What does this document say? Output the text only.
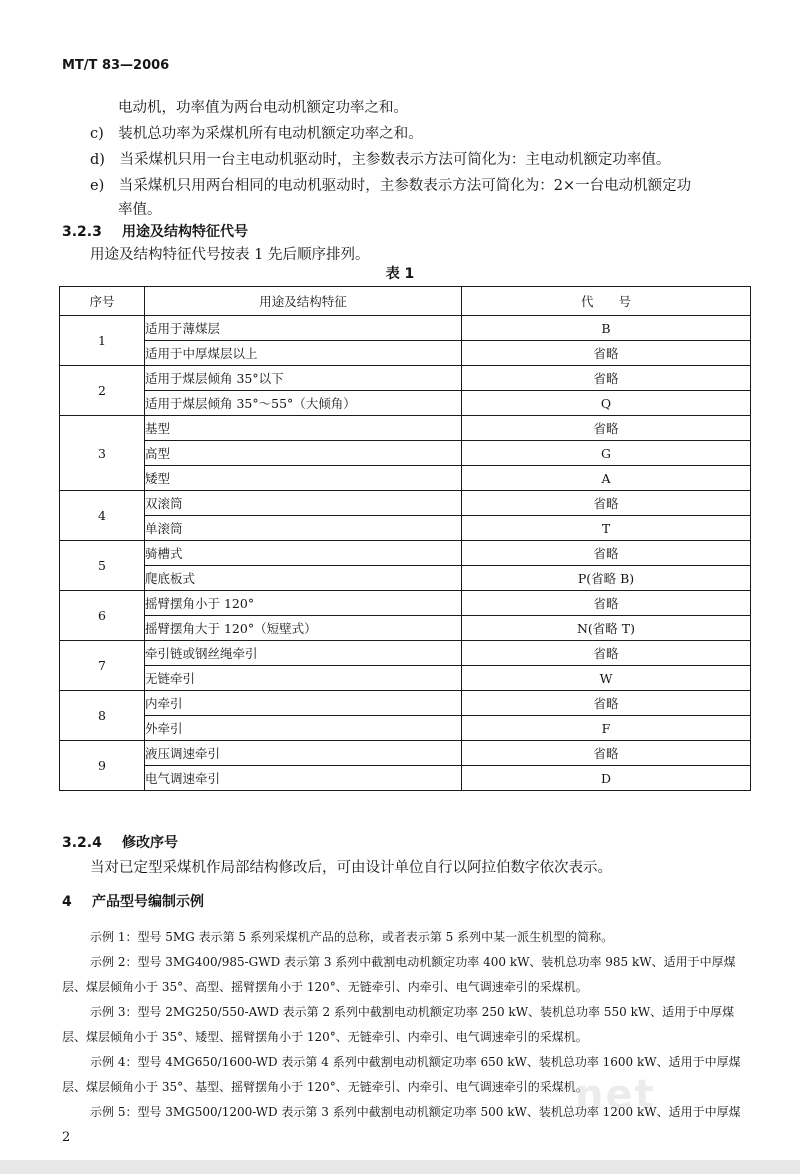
MT/T 83—2006
电动机，功率值为两台电动机额定功率之和。
c)　装机总功率为采煤机所有电动机额定功率之和。
d)　当采煤机只用一台主电动机驱动时，主参数表示方法可简化为：主电动机额定功率值。
e)　当采煤机只用两台相同的电动机驱动时，主参数表示方法可简化为：2×一台电动机额定功
率值。
3.2.3 用途及结构特征代号
用途及结构特征代号按表 1 先后顺序排列。
表 1
序号	用途及结构特征	代　　号
1	适用于薄煤层	B
	适用于中厚煤层以上	省略
2	适用于煤层倾角 35°以下	省略
	适用于煤层倾角 35°～55°（大倾角）	Q
3	基型	省略
	高型	G
	矮型	A
4	双滚筒	省略
	单滚筒	T
5	骑槽式	省略
	爬底板式	P(省略 B)
6	摇臂摆角小于 120°	省略
	摇臂摆角大于 120°（短壁式）	N(省略 T)
7	牵引链或钢丝绳牵引	省略
	无链牵引	W
8	内牵引	省略
	外牵引	F
9	液压调速牵引	省略
	电气调速牵引	D
3.2.4 修改序号
当对已定型采煤机作局部结构修改后，可由设计单位自行以阿拉伯数字依次表示。
4 产品型号编制示例
示例 1：型号 5MG 表示第 5 系列采煤机产品的总称，或者表示第 5 系列中某一派生机型的简称。
示例 2：型号 3MG400/985-GWD 表示第 3 系列中截割电动机额定功率 400 kW、装机总功率 985 kW、适用于中厚煤
层、煤层倾角小于 35°、高型、摇臂摆角小于 120°、无链牵引、内牵引、电气调速牵引的采煤机。
示例 3：型号 2MG250/550-AWD 表示第 2 系列中截割电动机额定功率 250 kW、装机总功率 550 kW、适用于中厚煤
层、煤层倾角小于 35°、矮型、摇臂摆角小于 120°、无链牵引、内牵引、电气调速牵引的采煤机。
示例 4：型号 4MG650/1600-WD 表示第 4 系列中截割电动机额定功率 650 kW、装机总功率 1600 kW、适用于中厚煤
层、煤层倾角小于 35°、基型、摇臂摆角小于 120°、无链牵引、内牵引、电气调速牵引的采煤机。
示例 5：型号 3MG500/1200-WD 表示第 3 系列中截割电动机额定功率 500 kW、装机总功率 1200 kW、适用于中厚煤
net
2
